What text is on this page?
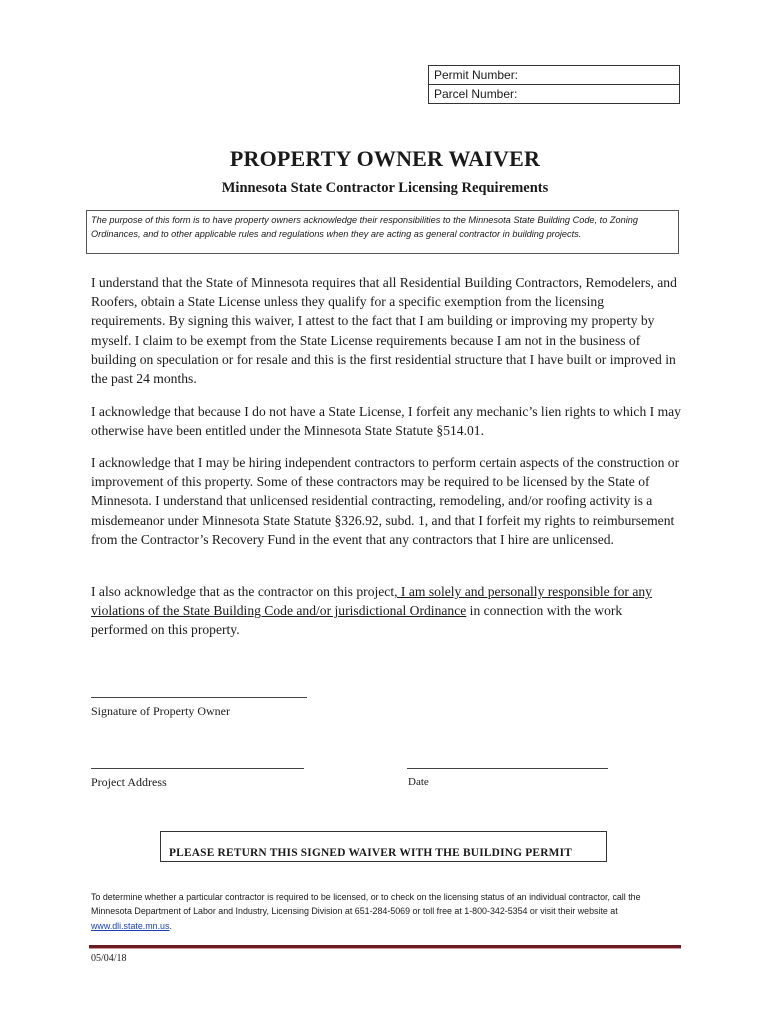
Permit Number:
Parcel Number:
PROPERTY OWNER WAIVER
Minnesota State Contractor Licensing Requirements
The purpose of this form is to have property owners acknowledge their responsibilities to the Minnesota State Building Code, to Zoning Ordinances, and to other applicable rules and regulations when they are acting as general contractor in building projects.
I understand that the State of Minnesota requires that all Residential Building Contractors, Remodelers, and Roofers, obtain a State License unless they qualify for a specific exemption from the licensing requirements. By signing this waiver, I attest to the fact that I am building or improving my property by myself. I claim to be exempt from the State License requirements because I am not in the business of building on speculation or for resale and this is the first residential structure that I have built or improved in the past 24 months.
I acknowledge that because I do not have a State License, I forfeit any mechanic’s lien rights to which I may otherwise have been entitled under the Minnesota State Statute §514.01.
I acknowledge that I may be hiring independent contractors to perform certain aspects of the construction or improvement of this property. Some of these contractors may be required to be licensed by the State of Minnesota. I understand that unlicensed residential contracting, remodeling, and/or roofing activity is a misdemeanor under Minnesota State Statute §326.92, subd. 1, and that I forfeit my rights to reimbursement from the Contractor’s Recovery Fund in the event that any contractors that I hire are unlicensed.
I also acknowledge that as the contractor on this project, I am solely and personally responsible for any violations of the State Building Code and/or jurisdictional Ordinance in connection with the work performed on this property.
Signature of Property Owner
Project Address	Date
PLEASE RETURN THIS SIGNED WAIVER WITH THE BUILDING PERMIT
To determine whether a particular contractor is required to be licensed, or to check on the licensing status of an individual contractor, call the Minnesota Department of Labor and Industry, Licensing Division at 651-284-5069 or toll free at 1-800-342-5354 or visit their website at www.dli.state.mn.us.
05/04/18
